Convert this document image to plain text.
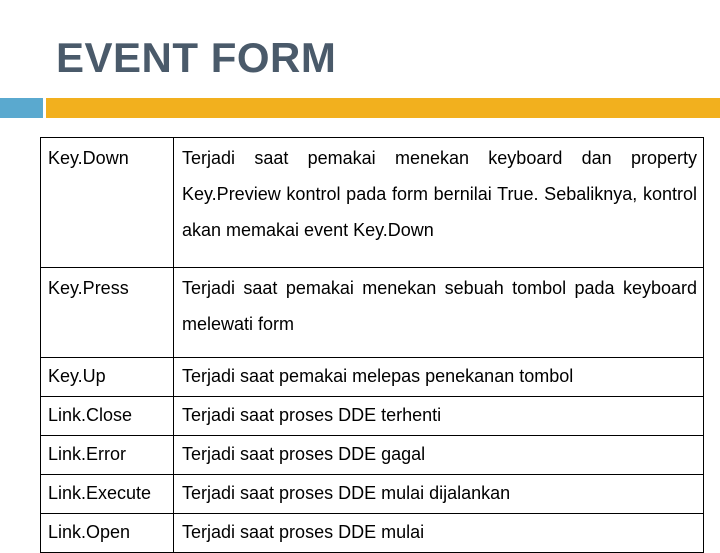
EVENT FORM
Key.Down	Terjadi saat pemakai menekan keyboard dan property Key.Preview kontrol pada form bernilai True. Sebaliknya, kontrol akan memakai event Key.Down

Key.Press	Terjadi saat pemakai menekan sebuah tombol pada keyboard melewati form

Key.Up	Terjadi saat pemakai melepas penekanan tombol
Link.Close	Terjadi saat proses DDE terhenti
Link.Error	Terjadi saat proses DDE gagal
Link.Execute	Terjadi saat proses DDE mulai dijalankan
Link.Open	Terjadi saat proses DDE mulai
